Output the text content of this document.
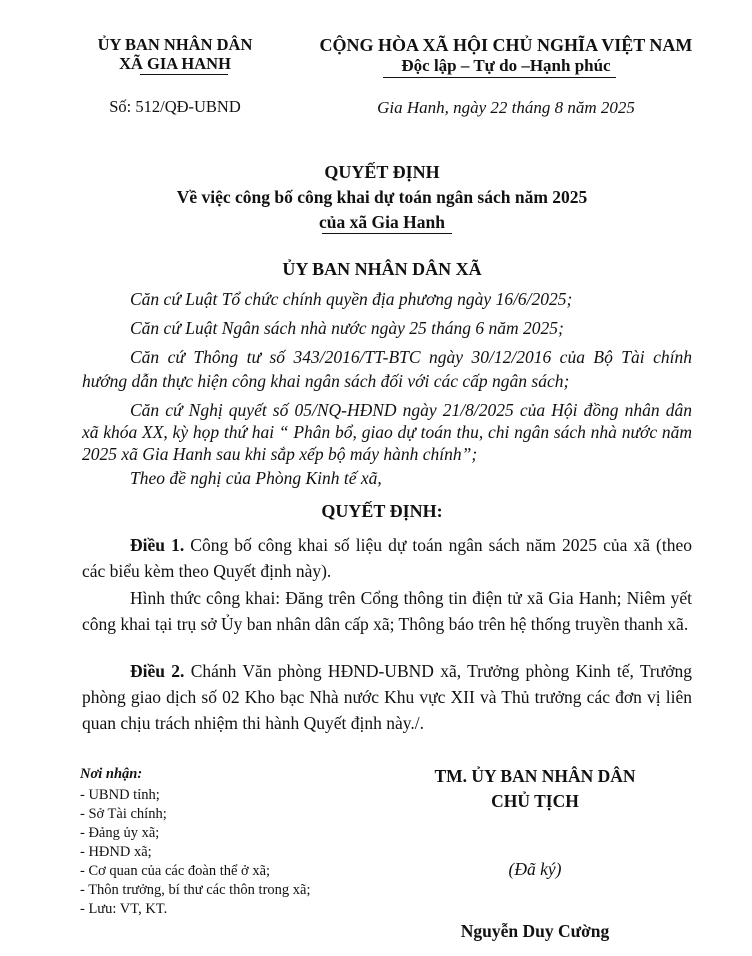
ỦY BAN NHÂN DÂN
XÃ GIA HANH
Số: 512/QĐ-UBND
CỘNG HÒA XÃ HỘI CHỦ NGHĨA VIỆT NAM
Độc lập – Tự do –Hạnh phúc
Gia Hanh, ngày 22 tháng 8 năm 2025
QUYẾT ĐỊNH
Về việc công bố công khai dự toán ngân sách năm 2025
của xã Gia Hanh
ỦY BAN NHÂN DÂN XÃ
Căn cứ Luật Tổ chức chính quyền địa phương ngày 16/6/2025;
Căn cứ Luật Ngân sách nhà nước ngày 25 tháng 6 năm 2025;
Căn cứ Thông tư số 343/2016/TT-BTC ngày 30/12/2016 của Bộ Tài chính hướng dẫn thực hiện công khai ngân sách đối với các cấp ngân sách;
Căn cứ Nghị quyết số 05/NQ-HĐND ngày 21/8/2025 của Hội đồng nhân dân xã khóa XX, kỳ họp thứ hai “ Phân bổ, giao dự toán thu, chi ngân sách nhà nước năm 2025 xã Gia Hanh sau khi sắp xếp bộ máy hành chính”;
Theo đề nghị của Phòng Kinh tế xã,
QUYẾT ĐỊNH:
Điều 1. Công bố công khai số liệu dự toán ngân sách năm 2025 của xã (theo các biểu kèm theo Quyết định này).
Hình thức công khai: Đăng trên Cổng thông tin điện tử xã Gia Hanh; Niêm yết công khai tại trụ sở Ủy ban nhân dân cấp xã; Thông báo trên hệ thống truyền thanh xã.
Điều 2. Chánh Văn phòng HĐND-UBND xã, Trưởng phòng Kinh tế, Trưởng phòng giao dịch số 02 Kho bạc Nhà nước Khu vực XII và Thủ trưởng các đơn vị liên quan chịu trách nhiệm thi hành Quyết định này./.
Nơi nhận:
- UBND tỉnh;
- Sở Tài chính;
- Đảng ủy xã;
- HĐND xã;
- Cơ quan của các đoàn thể ở xã;
- Thôn trưởng, bí thư các thôn trong xã;
- Lưu: VT, KT.
TM. ỦY BAN NHÂN DÂN
CHỦ TỊCH
(Đã ký)
Nguyễn Duy Cường
